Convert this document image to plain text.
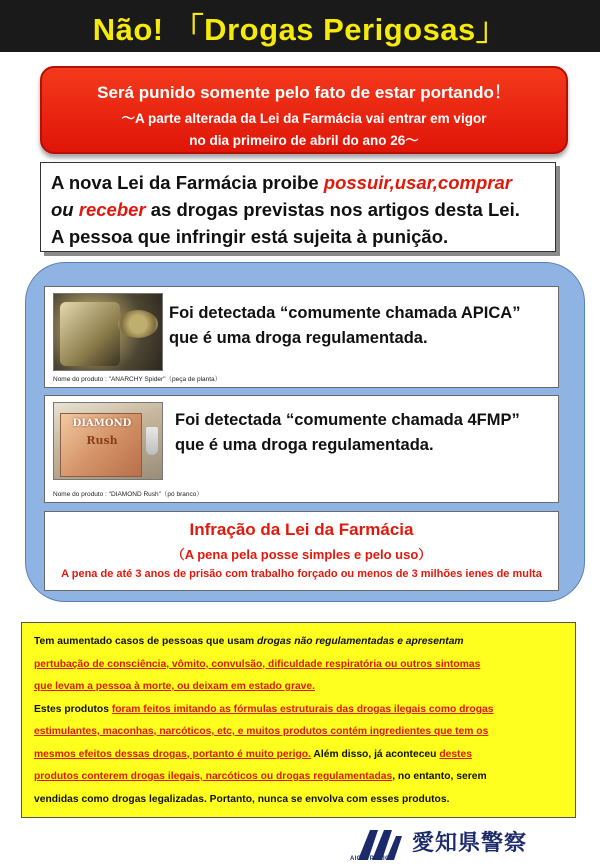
Não! 「Drogas Perigosas」
Será punido somente pelo fato de estar portando！
〜A parte alterada da Lei da Farmácia vai entrar em vigor
no dia primeiro de abril do ano 26〜
A nova Lei da Farmácia proibe possuir,usar,comprar
ou receber as drogas previstas nos artigos desta Lei.
A pessoa que infringir está sujeita à punição.
Foi detectada “comumente chamada APICA”
que é uma droga regulamentada.
Nome do produto : "ANARCHY Spider"（peça de planta）
DIAMOND
Rush
Foi detectada “comumente chamada 4FMP”
que é uma droga regulamentada.
Nome do produto : "DIAMOND Rush"（pó branco）
Infração da Lei da Farmácia
（A pena pela posse simples e pelo uso）
A pena de até 3 anos de prisão com trabalho forçado ou menos de 3 milhões ienes de multa
Tem aumentado casos de pessoas que usam drogas não regulamentadas e apresentam
pertubação de consciência, vômito, convulsão, dificuldade respiratória ou outros sintomas
que levam a pessoa à morte, ou deixam em estado grave.
Estes produtos foram feitos imitando as fórmulas estruturais das drogas ilegais como drogas
estimulantes, maconhas, narcóticos, etc, e muitos produtos contém ingredientes que tem os
mesmos efeitos dessas drogas, portanto é muito perigo. Além disso, já aconteceu destes
produtos conterem drogas ilegais, narcóticos ou drogas regulamentadas, no entanto, serem
vendidas como drogas legalizadas. Portanto, nunca se envolva com esses produtos.
AICHI POLICE
愛知県警察
